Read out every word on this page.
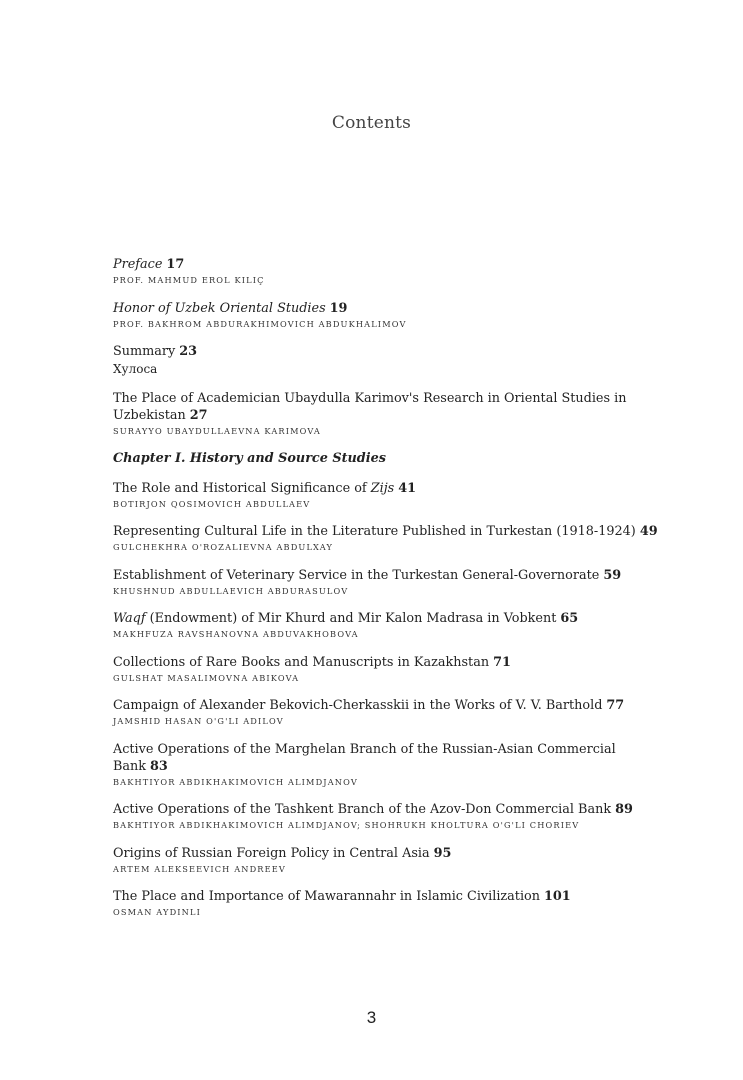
Contents
Preface 17
PROF. MAHMUD EROL KILIÇ
Honor of Uzbek Oriental Studies 19
PROF. BAKHROM ABDURAKHIMOVICH ABDUKHALIMOV
Summary 23
Хулоса
The Place of Academician Ubaydulla Karimov's Research in Oriental Studies in Uzbekistan 27
SURAYYO UBAYDULLAEVNA KARIMOVA
Chapter I. History and Source Studies
The Role and Historical Significance of Zijs 41
BOTIRJON QOSIMOVICH ABDULLAEV
Representing Cultural Life in the Literature Published in Turkestan (1918-1924) 49
GULCHEKHRA O'ROZALIEVNA ABDULXAY
Establishment of Veterinary Service in the Turkestan General-Governorate 59
KHUSHNUD ABDULLAEVICH ABDURASULOV
Waqf (Endowment) of Mir Khurd and Mir Kalon Madrasa in Vobkent 65
MAKHFUZA RAVSHANOVNA ABDUVAKHOBOVA
Collections of Rare Books and Manuscripts in Kazakhstan 71
GULSHAT MASALIMOVNA ABIKOVA
Campaign of Alexander Bekovich-Cherkasskii in the Works of V. V. Barthold 77
JAMSHID HASAN O'G'LI ADILOV
Active Operations of the Marghelan Branch of the Russian-Asian Commercial Bank 83
BAKHTIYOR ABDIKHAKIMOVICH ALIMDJANOV
Active Operations of the Tashkent Branch of the Azov-Don Commercial Bank 89
BAKHTIYOR ABDIKHAKIMOVICH ALIMDJANOV; SHOHRUKH KHOLTURA O'G'LI CHORIEV
Origins of Russian Foreign Policy in Central Asia 95
ARTEM ALEKSEEVICH ANDREEV
The Place and Importance of Mawarannahr in Islamic Civilization 101
OSMAN AYDINLI
3
